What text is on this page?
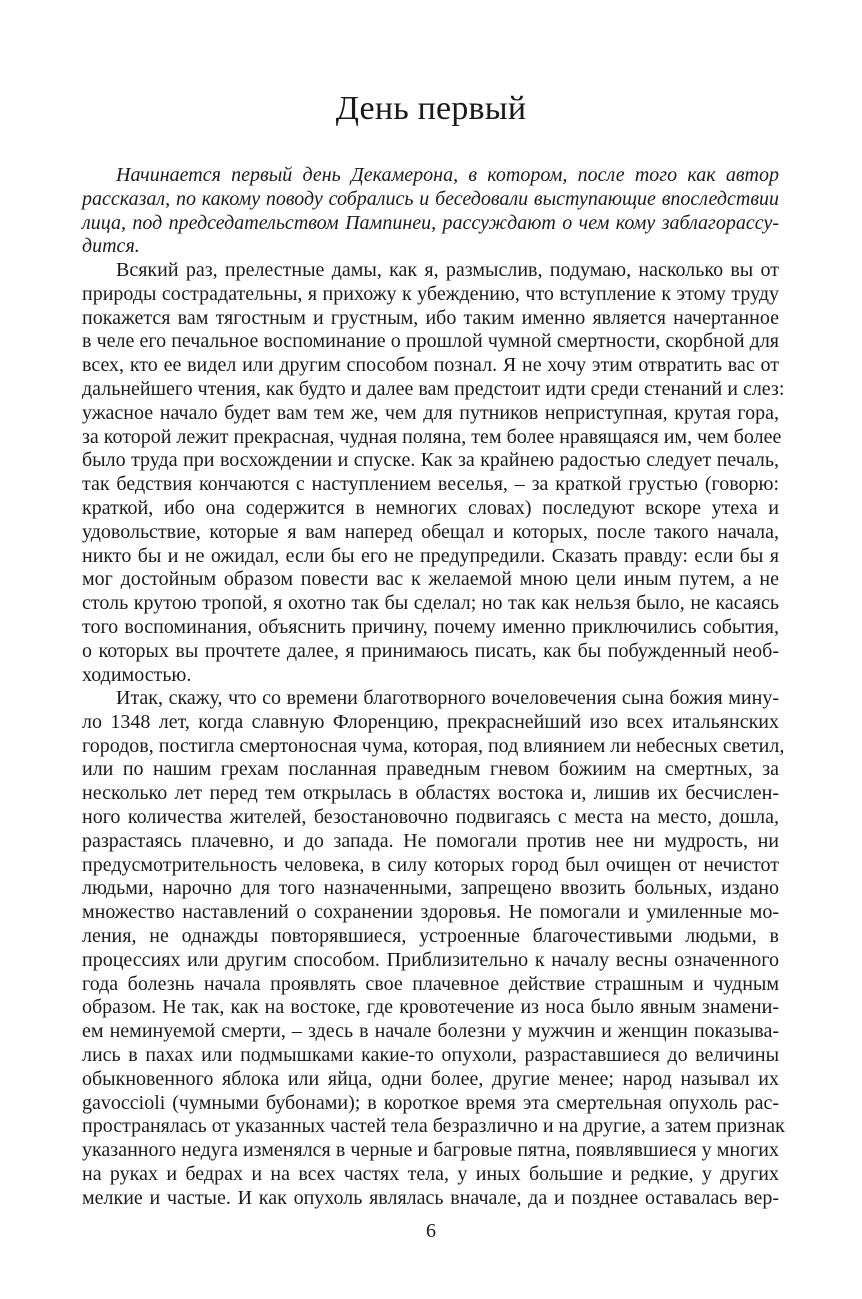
День первый
Начинается первый день Декамерона, в котором, после того как автор
рассказал, по какому поводу собрались и беседовали выступающие впоследствии
лица, под председательством Пампинеи, рассуждают о чем кому заблагорассу-
дится.
Всякий раз, прелестные дамы, как я, размыслив, подумаю, насколько вы от
природы сострадательны, я прихожу к убеждению, что вступление к этому труду
покажется вам тягостным и грустным, ибо таким именно является начертанное
в челе его печальное воспоминание о прошлой чумной смертности, скорбной для
всех, кто ее видел или другим способом познал. Я не хочу этим отвратить вас от
дальнейшего чтения, как будто и далее вам предстоит идти среди стенаний и слез:
ужасное начало будет вам тем же, чем для путников неприступная, крутая гора,
за которой лежит прекрасная, чудная поляна, тем более нравящаяся им, чем более
было труда при восхождении и спуске. Как за крайнею радостью следует печаль,
так бедствия кончаются с наступлением веселья, – за краткой грустью (говорю:
краткой, ибо она содержится в немногих словах) последуют вскоре утеха и
удовольствие, которые я вам наперед обещал и которых, после такого начала,
никто бы и не ожидал, если бы его не предупредили. Сказать правду: если бы я
мог достойным образом повести вас к желаемой мною цели иным путем, а не
столь крутою тропой, я охотно так бы сделал; но так как нельзя было, не касаясь
того воспоминания, объяснить причину, почему именно приключились события,
о которых вы прочтете далее, я принимаюсь писать, как бы побужденный необ-
ходимостью.
Итак, скажу, что со времени благотворного вочеловечения сына божия мину-
ло 1348 лет, когда славную Флоренцию, прекраснейший изо всех итальянских
городов, постигла смертоносная чума, которая, под влиянием ли небесных светил,
или по нашим грехам посланная праведным гневом божиим на смертных, за
несколько лет перед тем открылась в областях востока и, лишив их бесчислен-
ного количества жителей, безостановочно подвигаясь с места на место, дошла,
разрастаясь плачевно, и до запада. Не помогали против нее ни мудрость, ни
предусмотрительность человека, в силу которых город был очищен от нечистот
людьми, нарочно для того назначенными, запрещено ввозить больных, издано
множество наставлений о сохранении здоровья. Не помогали и умиленные мо-
ления, не однажды повторявшиеся, устроенные благочестивыми людьми, в
процессиях или другим способом. Приблизительно к началу весны означенного
года болезнь начала проявлять свое плачевное действие страшным и чудным
образом. Не так, как на востоке, где кровотечение из носа было явным знамени-
ем неминуемой смерти, – здесь в начале болезни у мужчин и женщин показыва-
лись в пахах или подмышками какие-то опухоли, разраставшиеся до величины
обыкновенного яблока или яйца, одни более, другие менее; народ называл их
gavoccioli (чумными бубонами); в короткое время эта смертельная опухоль рас-
пространялась от указанных частей тела безразлично и на другие, а затем признак
указанного недуга изменялся в черные и багровые пятна, появлявшиеся у многих
на руках и бедрах и на всех частях тела, у иных большие и редкие, у других
мелкие и частые. И как опухоль являлась вначале, да и позднее оставалась вер-
6
